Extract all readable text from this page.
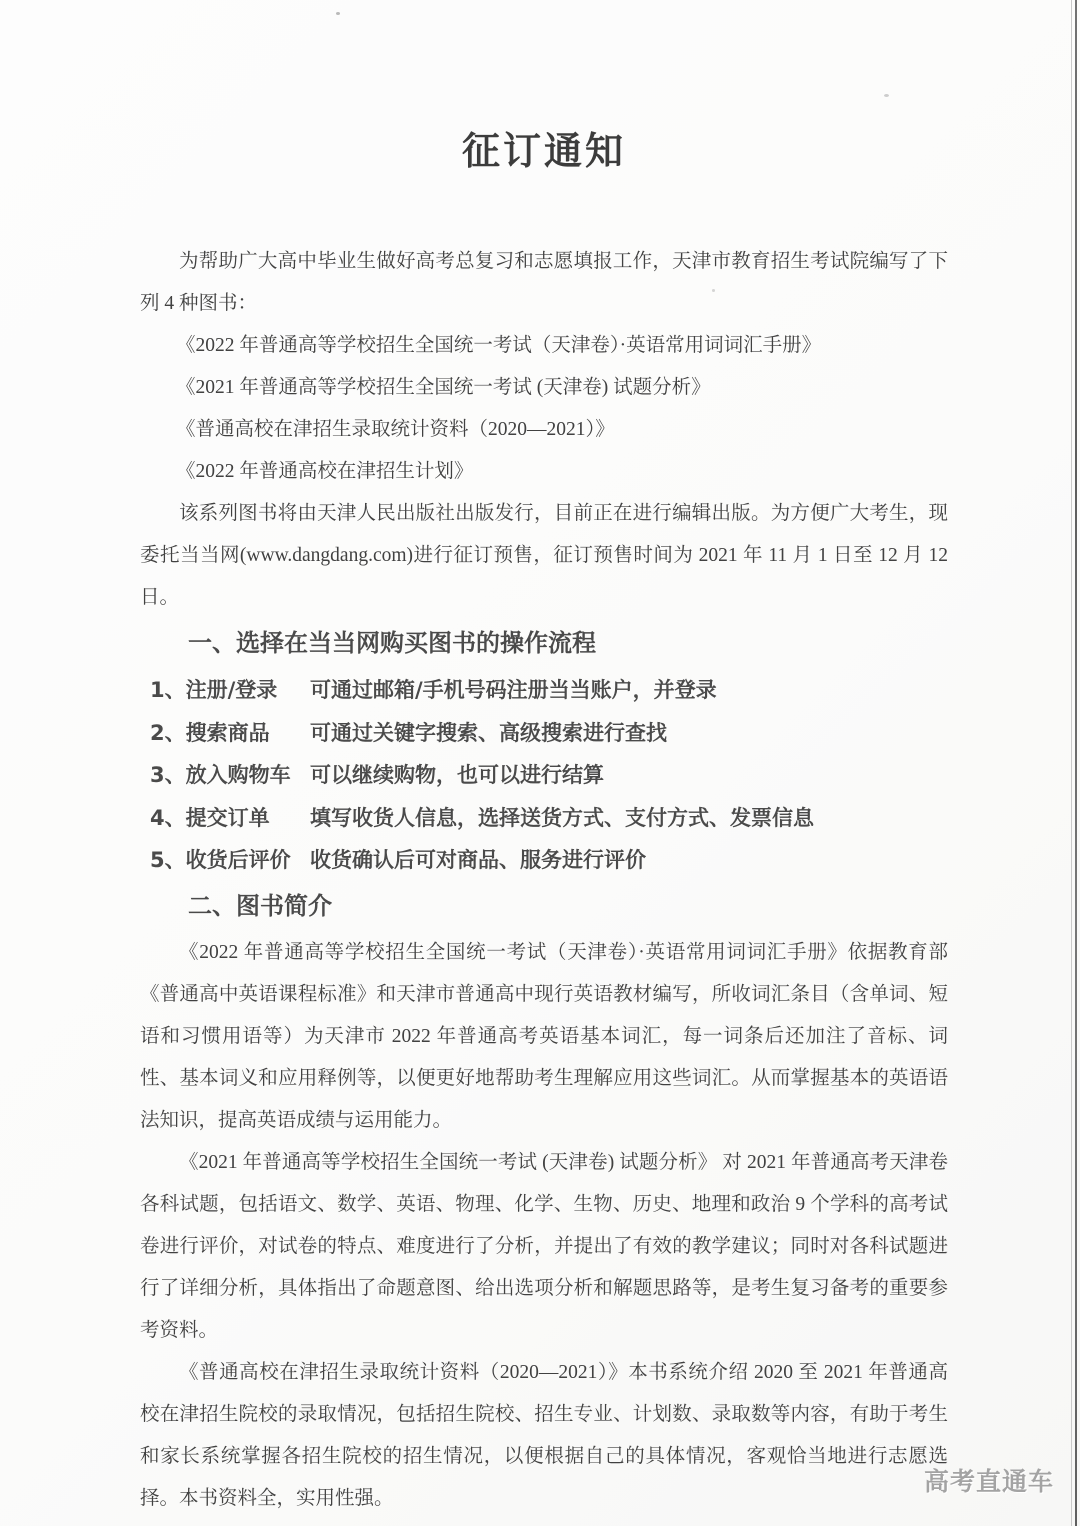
征订通知

为帮助广大高中毕业生做好高考总复习和志愿填报工作，天津市教育招生考试院编写了下列 4 种图书：

《2022 年普通高等学校招生全国统一考试（天津卷）·英语常用词词汇手册》

《2021 年普通高等学校招生全国统一考试 (天津卷) 试题分析》

《普通高校在津招生录取统计资料（2020—2021）》

《2022 年普通高校在津招生计划》

该系列图书将由天津人民出版社出版发行，目前正在进行编辑出版。为方便广大考生，现委托当当网(www.dangdang.com)进行征订预售，征订预售时间为 2021 年 11 月 1 日至 12 月 12 日。

一、选择在当当网购买图书的操作流程
1、注册/登录	可通过邮箱/手机号码注册当当账户，并登录
2、搜索商品	可通过关键字搜索、高级搜索进行查找
3、放入购物车 可以继续购物，也可以进行结算
4、提交订单	填写收货人信息，选择送货方式、支付方式、发票信息
5、收货后评价 收货确认后可对商品、服务进行评价
二、图书简介

《2022 年普通高等学校招生全国统一考试（天津卷）·英语常用词词汇手册》依据教育部《普通高中英语课程标准》和天津市普通高中现行英语教材编写，所收词汇条目（含单词、短语和习惯用语等）为天津市 2022 年普通高考英语基本词汇，每一词条后还加注了音标、词性、基本词义和应用释例等，以便更好地帮助考生理解应用这些词汇。从而掌握基本的英语语法知识，提高英语成绩与运用能力。

《2021 年普通高等学校招生全国统一考试 (天津卷) 试题分析》 对 2021 年普通高考天津卷各科试题，包括语文、数学、英语、物理、化学、生物、历史、地理和政治 9 个学科的高考试卷进行评价，对试卷的特点、难度进行了分析，并提出了有效的教学建议；同时对各科试题进行了详细分析，具体指出了命题意图、给出选项分析和解题思路等，是考生复习备考的重要参考资料。

《普通高校在津招生录取统计资料（2020—2021）》本书系统介绍 2020 至 2021 年普通高校在津招生院校的录取情况，包括招生院校、招生专业、计划数、录取数等内容，有助于考生和家长系统掌握各招生院校的招生情况，以便根据自己的具体情况，客观恰当地进行志愿选择。本书资料全，实用性强。

高考直通车
